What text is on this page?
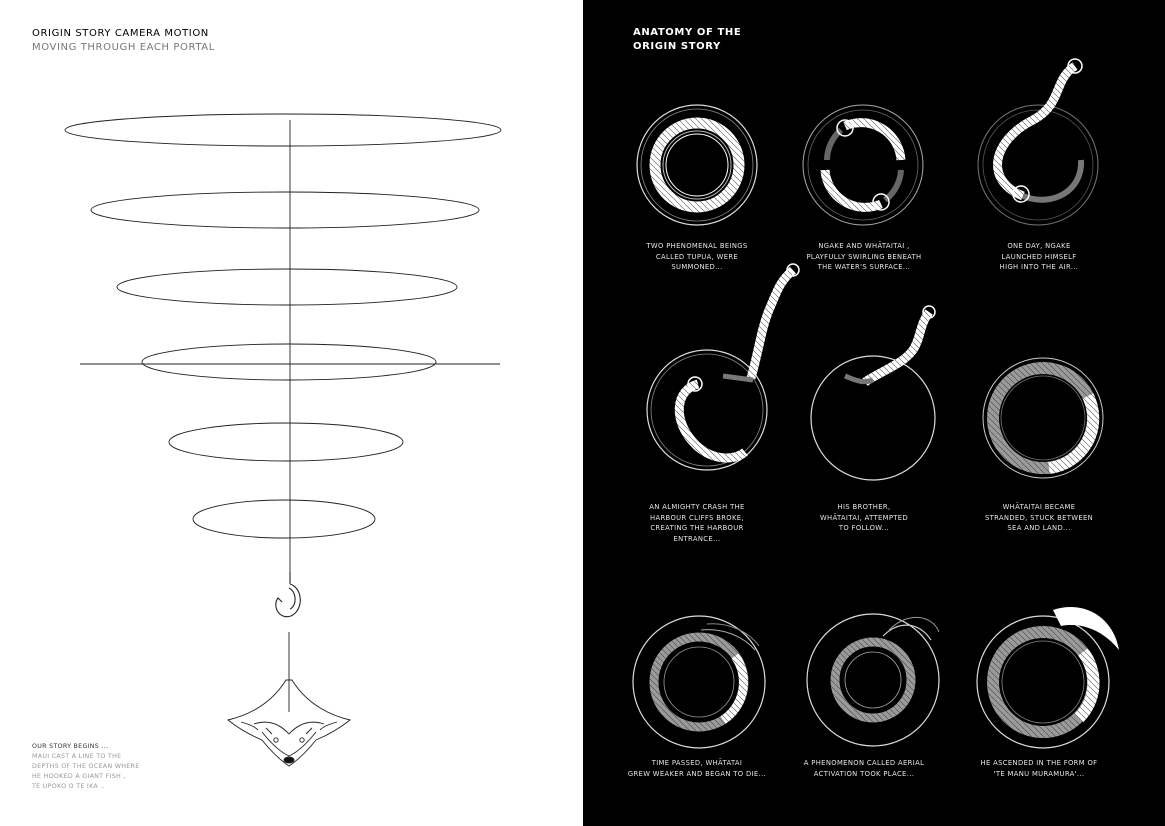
ORIGIN STORY CAMERA MOTION
MOVING THROUGH EACH PORTAL
OUR STORY BEGINS ...
MAUI CAST A LINE TO THE
DEPTHS OF THE OCEAN WHERE
HE HOOKED A GIANT FISH ,
TE UPOKO O TE IKA ..
ANATOMY OF THE
ORIGIN STORY
TWO PHENOMENAL BEINGS
CALLED TUPUA, WERE
SUMMONED...
NGAKE AND WHĀTAITAI ,
PLAYFULLY SWIRLING BENEATH
THE WATER'S SURFACE...
ONE DAY, NGAKE
LAUNCHED HIMSELF
HIGH INTO THE AIR...
AN ALMIGHTY CRASH THE
HARBOUR CLIFFS BROKE,
CREATING THE HARBOUR
ENTRANCE...
HIS BROTHER,
WHĀTAITAI, ATTEMPTED
TO FOLLOW...
WHĀTAITAI BECAME
STRANDED, STUCK BETWEEN
SEA AND LAND...
TIME PASSED, WHĀTATAI
GREW WEAKER AND BEGAN TO DIE...
A PHENOMENON CALLED AERIAL
ACTIVATION TOOK PLACE...
HE ASCENDED IN THE FORM OF
'TE MANU MURAMURA'...
